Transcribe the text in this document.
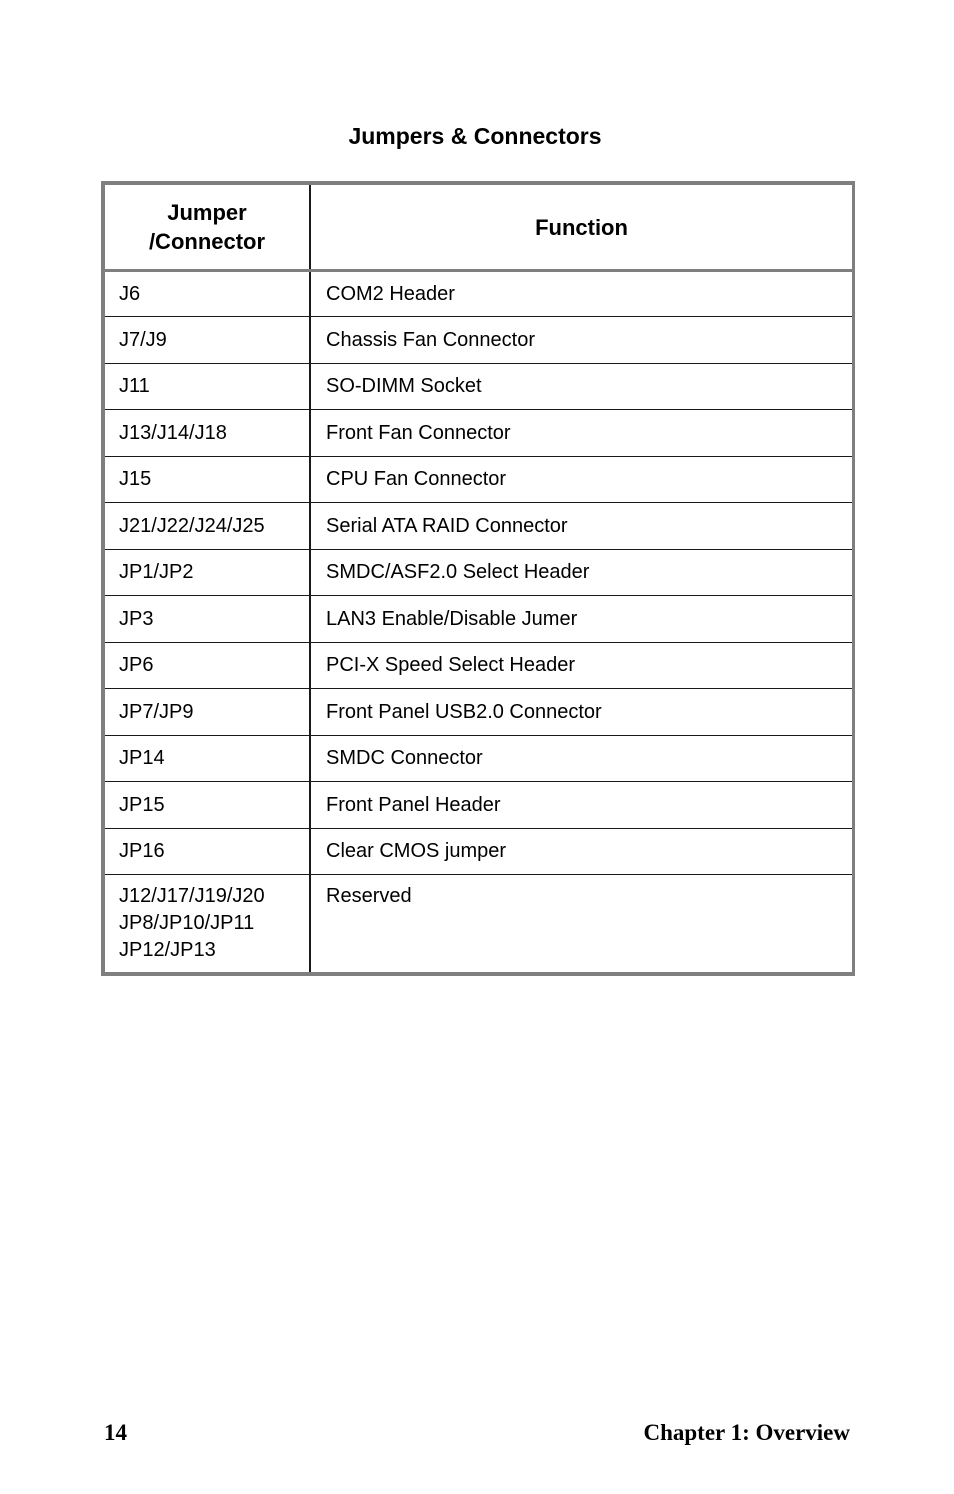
Jumpers & Connectors
Jumper
/Connector	Function
J6	COM2 Header
J7/J9	Chassis Fan Connector
J11	SO-DIMM Socket
J13/J14/J18	Front Fan Connector
J15	CPU Fan Connector
J21/J22/J24/J25	Serial ATA RAID Connector
JP1/JP2	SMDC/ASF2.0 Select Header
JP3	LAN3 Enable/Disable Jumer
JP6	PCI-X Speed Select Header
JP7/JP9	Front Panel USB2.0 Connector
JP14	SMDC Connector
JP15	Front Panel Header
JP16	Clear CMOS jumper
J12/J17/J19/J20
JP8/JP10/JP11
JP12/JP13	Reserved
14	Chapter 1: Overview
